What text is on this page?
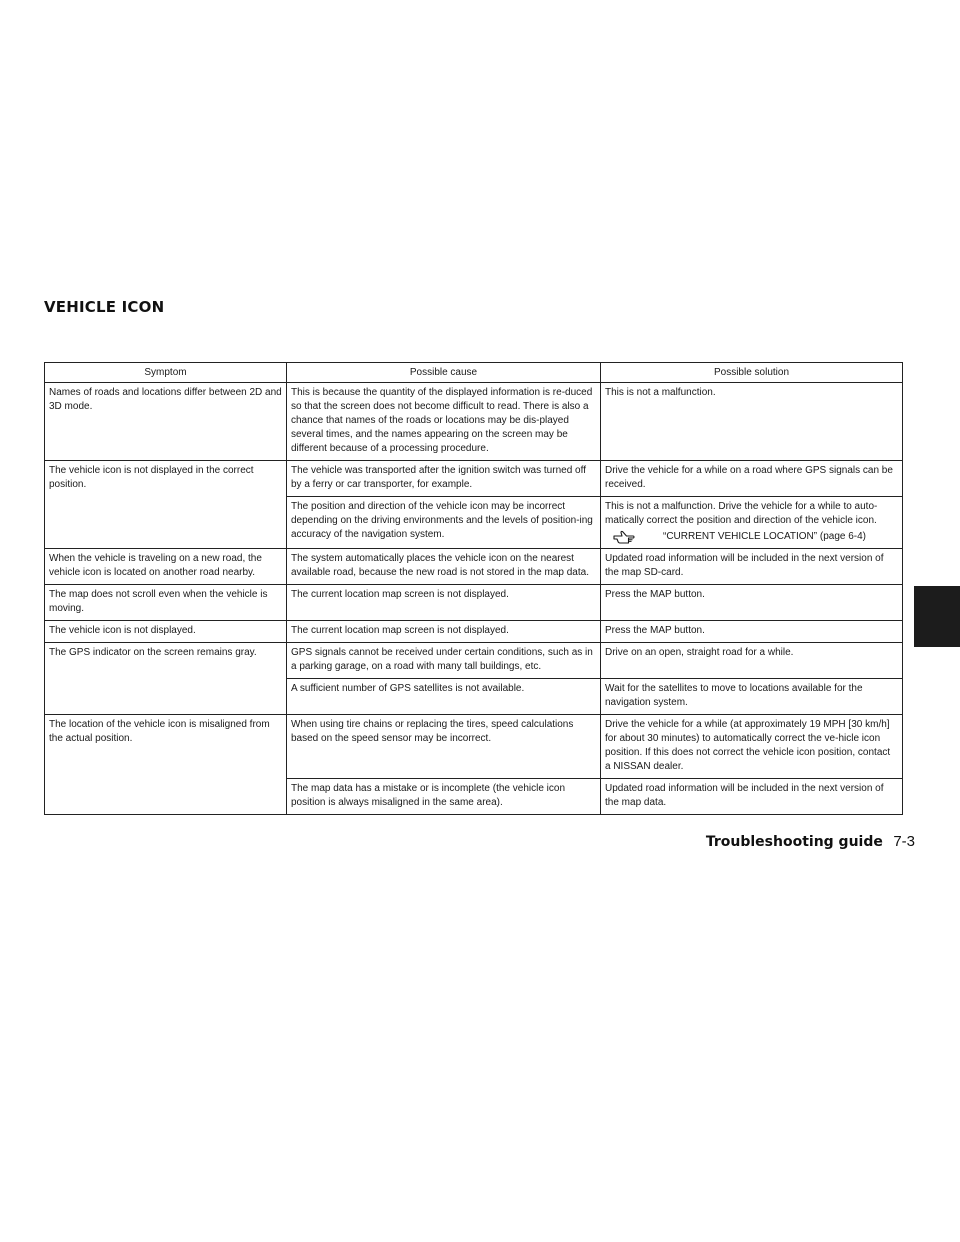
VEHICLE ICON
Symptom	Possible cause	Possible solution
Names of roads and locations differ between 2D and 3D mode.	This is because the quantity of the displayed information is re-duced so that the screen does not become difficult to read. There is also a chance that names of the roads or locations may be dis-played several times, and the names appearing on the screen may be different because of a processing procedure.	This is not a malfunction.
The vehicle icon is not displayed in the correct position.	The vehicle was transported after the ignition switch was turned off by a ferry or car transporter, for example.	Drive the vehicle for a while on a road where GPS signals can be received.
	The position and direction of the vehicle icon may be incorrect depending on the driving environments and the levels of position-ing accuracy of the navigation system.	This is not a malfunction. Drive the vehicle for a while to auto-matically correct the position and direction of the vehicle icon.
“CURRENT VEHICLE LOCATION” (page 6-4)

When the vehicle is traveling on a new road, the vehicle icon is located on another road nearby.	The system automatically places the vehicle icon on the nearest available road, because the new road is not stored in the map data.	Updated road information will be included in the next version of the map SD-card.
The map does not scroll even when the vehicle is moving.	The current location map screen is not displayed.	Press the MAP button.
The vehicle icon is not displayed.	The current location map screen is not displayed.	Press the MAP button.
The GPS indicator on the screen remains gray.	GPS signals cannot be received under certain conditions, such as in a parking garage, on a road with many tall buildings, etc.	Drive on an open, straight road for a while.
	A sufficient number of GPS satellites is not available.	Wait for the satellites to move to locations available for the navigation system.
The location of the vehicle icon is misaligned from the actual position.	When using tire chains or replacing the tires, speed calculations based on the speed sensor may be incorrect.	Drive the vehicle for a while (at approximately 19 MPH [30 km/h] for about 30 minutes) to automatically correct the ve-hicle icon position. If this does not correct the vehicle icon position, contact a NISSAN dealer.
	The map data has a mistake or is incomplete (the vehicle icon position is always misaligned in the same area).	Updated road information will be included in the next version of the map data.
Troubleshooting guide 7-3
